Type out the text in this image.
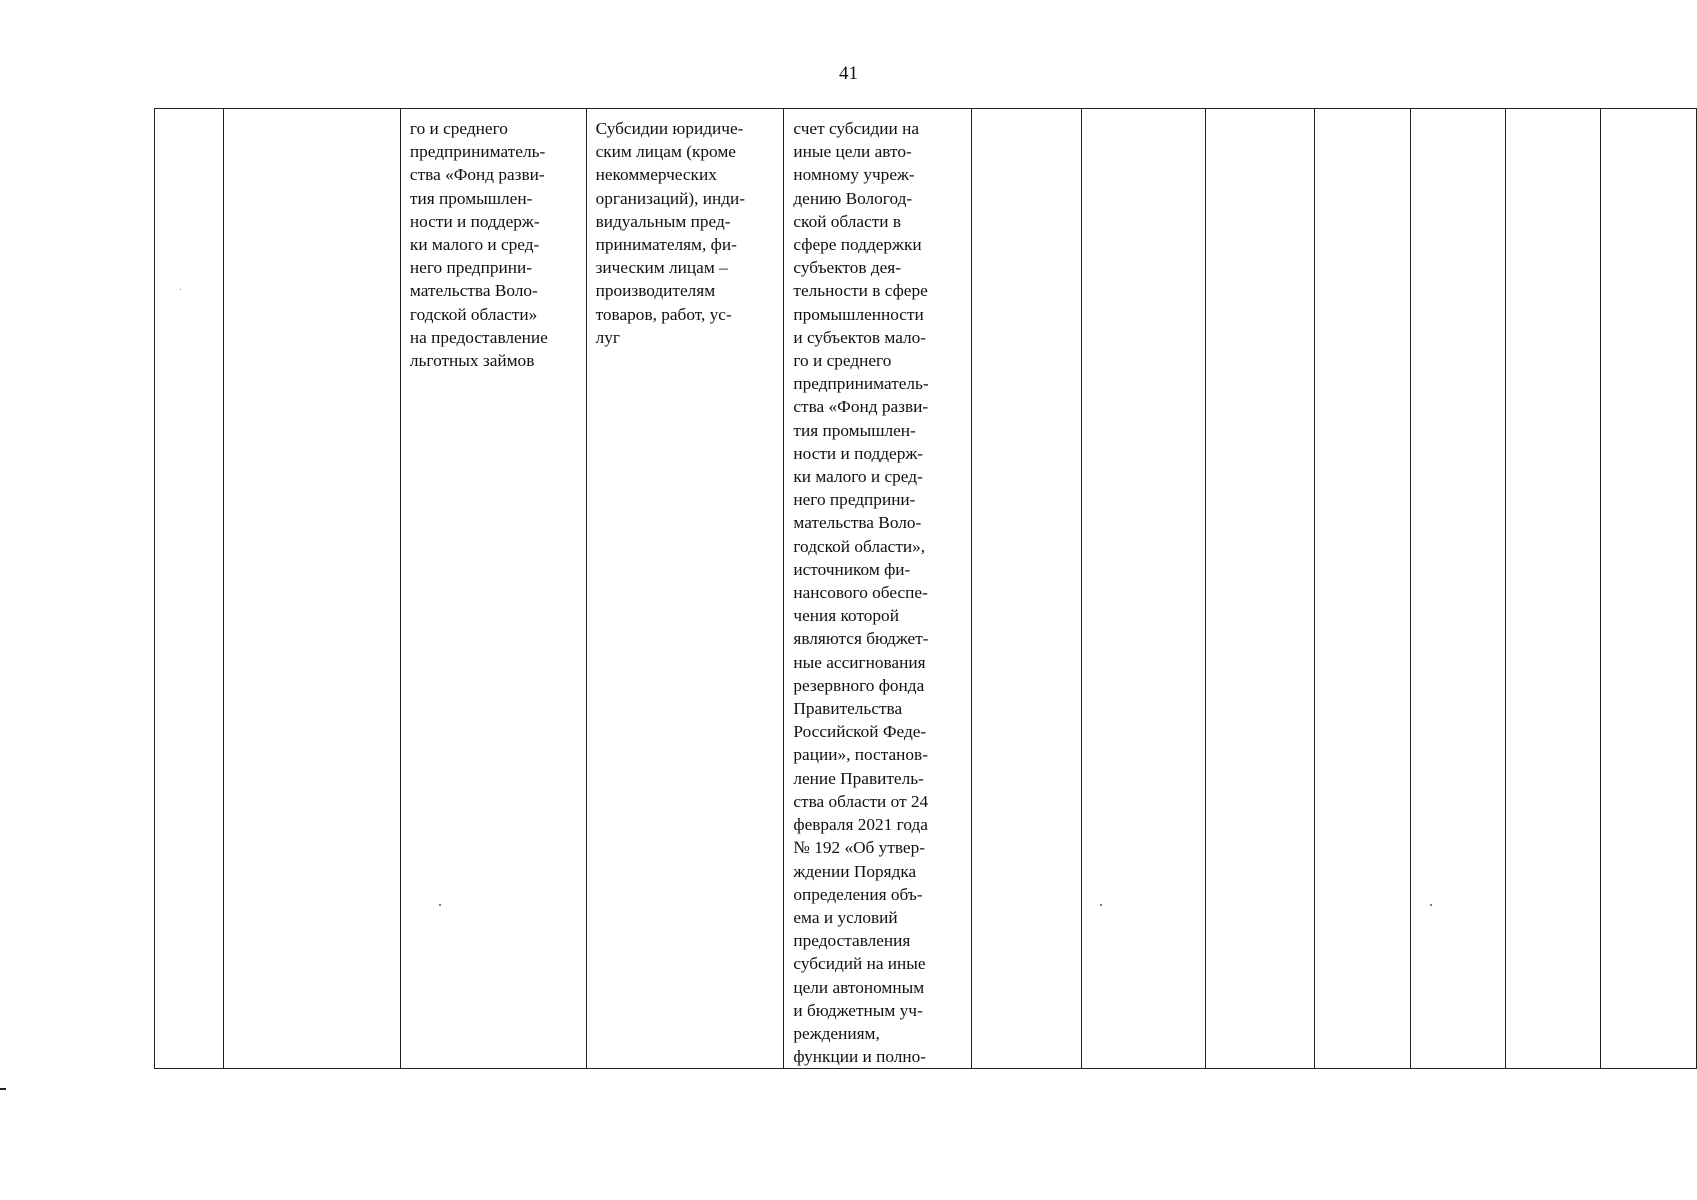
41

го и среднего
предприниматель-
ства «Фонд разви-
тия промышлен-
ности и поддерж-
ки малого и сред-
него предприни-
мательства Воло-
годской области»
на предоставление
льготных займов

Субсидии юридиче-
ским лицам (кроме
некоммерческих
организаций), инди-
видуальным пред-
принимателям, фи-
зическим лицам –
производителям
товаров, работ, ус-
луг

счет субсидии на
иные цели авто-
номному учреж-
дению Вологод-
ской области в
сфере поддержки
субъектов дея-
тельности в сфере
промышленности
и субъектов мало-
го и среднего
предприниматель-
ства «Фонд разви-
тия промышлен-
ности и поддерж-
ки малого и сред-
него предприни-
мательства Воло-
годской области»,
источником фи-
нансового обеспе-
чения которой
являются бюджет-
ные ассигнования
резервного фонда
Правительства
Российской Феде-
рации», постанов-
ление Правитель-
ства области от 24
февраля 2021 года
№ 192 «Об утвер-
ждении Порядка
определения объ-
ема и условий
предоставления
субсидий на иные
цели автономным
и бюджетным уч-
реждениям,
функции и полно-
